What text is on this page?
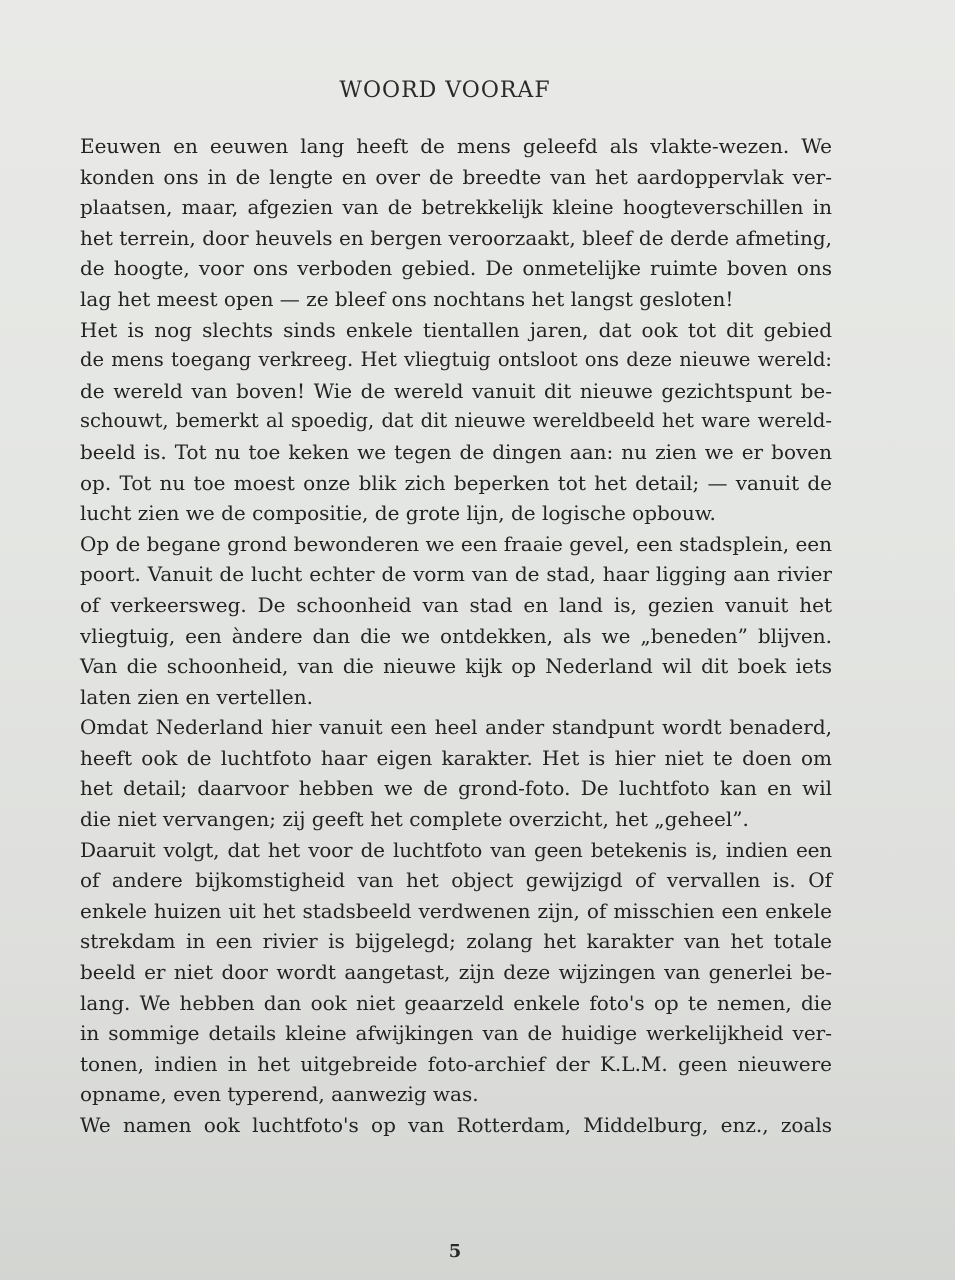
WOORD VOORAF
Eeuwen en eeuwen lang heeft de mens geleefd als vlakte-wezen. We
konden ons in de lengte en over de breedte van het aardoppervlak ver-
plaatsen, maar, afgezien van de betrekkelijk kleine hoogteverschillen in
het terrein, door heuvels en bergen veroorzaakt, bleef de derde afmeting,
de hoogte, voor ons verboden gebied. De onmetelijke ruimte boven ons
lag het meest open — ze bleef ons nochtans het langst gesloten!
Het is nog slechts sinds enkele tientallen jaren, dat ook tot dit gebied
de mens toegang verkreeg. Het vliegtuig ontsloot ons deze nieuwe wereld:
de wereld van boven! Wie de wereld vanuit dit nieuwe gezichtspunt be-
schouwt, bemerkt al spoedig, dat dit nieuwe wereldbeeld het ware wereld-
beeld is. Tot nu toe keken we tegen de dingen aan: nu zien we er boven
op. Tot nu toe moest onze blik zich beperken tot het detail; — vanuit de
lucht zien we de compositie, de grote lijn, de logische opbouw.
Op de begane grond bewonderen we een fraaie gevel, een stadsplein, een
poort. Vanuit de lucht echter de vorm van de stad, haar ligging aan rivier
of verkeersweg. De schoonheid van stad en land is, gezien vanuit het
vliegtuig, een àndere dan die we ontdekken, als we „beneden” blijven.
Van die schoonheid, van die nieuwe kijk op Nederland wil dit boek iets
laten zien en vertellen.
Omdat Nederland hier vanuit een heel ander standpunt wordt benaderd,
heeft ook de luchtfoto haar eigen karakter. Het is hier niet te doen om
het detail; daarvoor hebben we de grond-foto. De luchtfoto kan en wil
die niet vervangen; zij geeft het complete overzicht, het „geheel”.
Daaruit volgt, dat het voor de luchtfoto van geen betekenis is, indien een
of andere bijkomstigheid van het object gewijzigd of vervallen is. Of
enkele huizen uit het stadsbeeld verdwenen zijn, of misschien een enkele
strekdam in een rivier is bijgelegd; zolang het karakter van het totale
beeld er niet door wordt aangetast, zijn deze wijzingen van generlei be-
lang. We hebben dan ook niet geaarzeld enkele foto's op te nemen, die
in sommige details kleine afwijkingen van de huidige werkelijkheid ver-
tonen, indien in het uitgebreide foto-archief der K.L.M. geen nieuwere
opname, even typerend, aanwezig was.
We namen ook luchtfoto's op van Rotterdam, Middelburg, enz., zoals
5
